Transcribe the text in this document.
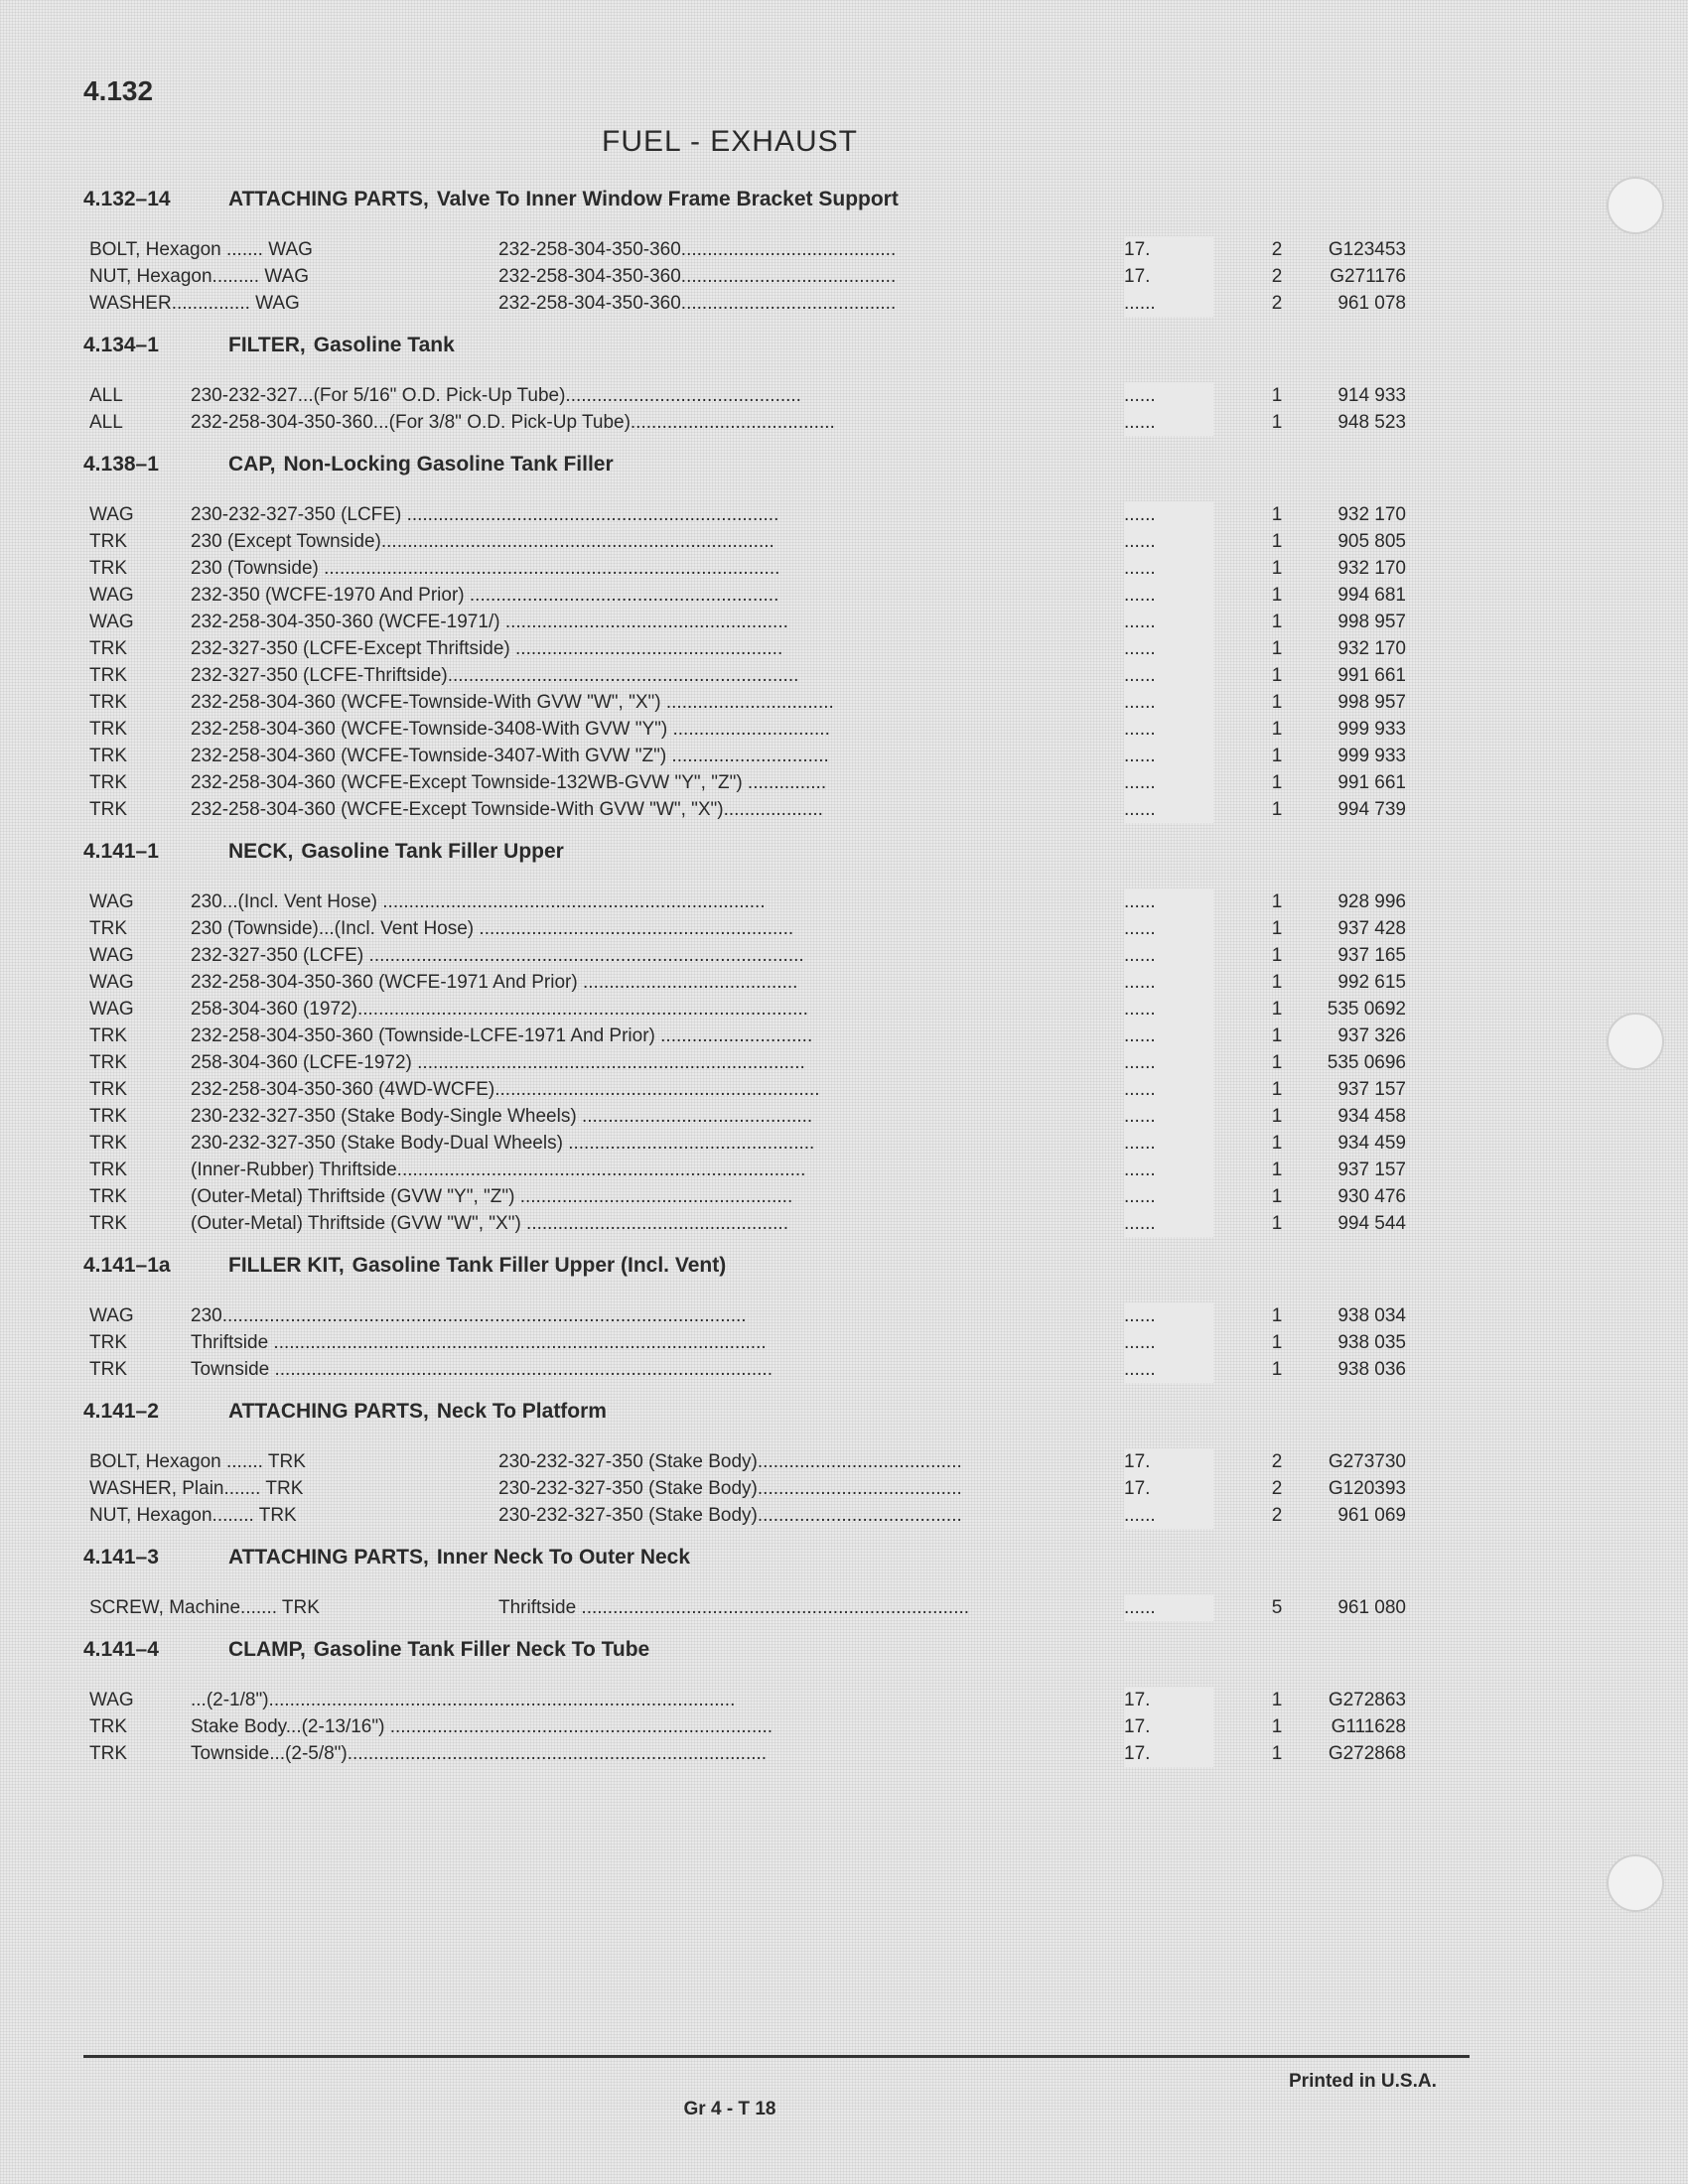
4.132
FUEL - EXHAUST
4.132–14	ATTACHING PARTS, Valve To Inner Window Frame Bracket Support
BOLT, Hexagon ....... WAG	232-258-304-350-360.........................................	17.	2	G123453
NUT, Hexagon......... WAG	232-258-304-350-360.........................................	17.	2	G271176
WASHER............... WAG	232-258-304-350-360.........................................	......	2	961 078
4.134–1	FILTER, Gasoline Tank
ALL	230-232-327...(For 5/16" O.D. Pick-Up Tube).............................................	......	1	914 933
ALL	232-258-304-350-360...(For 3/8" O.D. Pick-Up Tube).......................................	......	1	948 523
4.138–1	CAP, Non-Locking Gasoline Tank Filler
WAG	230-232-327-350 (LCFE) .......................................................................	......	1	932 170
TRK	230 (Except Townside)...........................................................................	......	1	905 805
TRK	230 (Townside) .......................................................................................	......	1	932 170
WAG	232-350 (WCFE-1970 And Prior) ...........................................................	......	1	994 681
WAG	232-258-304-350-360 (WCFE-1971/) ......................................................	......	1	998 957
TRK	232-327-350 (LCFE-Except Thriftside) ...................................................	......	1	932 170
TRK	232-327-350 (LCFE-Thriftside)...................................................................	......	1	991 661
TRK	232-258-304-360 (WCFE-Townside-With GVW "W", "X") ................................	......	1	998 957
TRK	232-258-304-360 (WCFE-Townside-3408-With GVW "Y") ..............................	......	1	999 933
TRK	232-258-304-360 (WCFE-Townside-3407-With GVW "Z") ..............................	......	1	999 933
TRK	232-258-304-360 (WCFE-Except Townside-132WB-GVW "Y", "Z") ...............	......	1	991 661
TRK	232-258-304-360 (WCFE-Except Townside-With GVW "W", "X")...................	......	1	994 739
4.141–1	NECK, Gasoline Tank Filler Upper
WAG	230...(Incl. Vent Hose) .........................................................................	......	1	928 996
TRK	230 (Townside)...(Incl. Vent Hose) ............................................................	......	1	937 428
WAG	232-327-350 (LCFE) ...................................................................................	......	1	937 165
WAG	232-258-304-350-360 (WCFE-1971 And Prior) .........................................	......	1	992 615
WAG	258-304-360 (1972)......................................................................................	......	1	535 0692
TRK	232-258-304-350-360 (Townside-LCFE-1971 And Prior) .............................	......	1	937 326
TRK	258-304-360 (LCFE-1972) ..........................................................................	......	1	535 0696
TRK	232-258-304-350-360 (4WD-WCFE)..............................................................	......	1	937 157
TRK	230-232-327-350 (Stake Body-Single Wheels) ............................................	......	1	934 458
TRK	230-232-327-350 (Stake Body-Dual Wheels) ...............................................	......	1	934 459
TRK	(Inner-Rubber) Thriftside..............................................................................	......	1	937 157
TRK	(Outer-Metal) Thriftside (GVW "Y", "Z") ....................................................	......	1	930 476
TRK	(Outer-Metal) Thriftside (GVW "W", "X") ..................................................	......	1	994 544
4.141–1a	FILLER KIT, Gasoline Tank Filler Upper (Incl. Vent)
WAG	230....................................................................................................	......	1	938 034
TRK	Thriftside ..............................................................................................	......	1	938 035
TRK	Townside ...............................................................................................	......	1	938 036
4.141–2	ATTACHING PARTS, Neck To Platform
BOLT, Hexagon ....... TRK	230-232-327-350 (Stake Body).......................................	17.	2	G273730
WASHER, Plain....... TRK	230-232-327-350 (Stake Body).......................................	17.	2	G120393
NUT, Hexagon........ TRK	230-232-327-350 (Stake Body).......................................	......	2	961 069
4.141–3	ATTACHING PARTS, Inner Neck To Outer Neck
SCREW, Machine....... TRK	Thriftside ..........................................................................	......	5	961 080
4.141–4	CLAMP, Gasoline Tank Filler Neck To Tube
WAG	...(2-1/8").........................................................................................	17.	1	G272863
TRK	Stake Body...(2-13/16") .........................................................................	17.	1	G111628
TRK	Townside...(2-5/8")................................................................................	17.	1	G272868
Printed in U.S.A.
Gr 4 - T 18
